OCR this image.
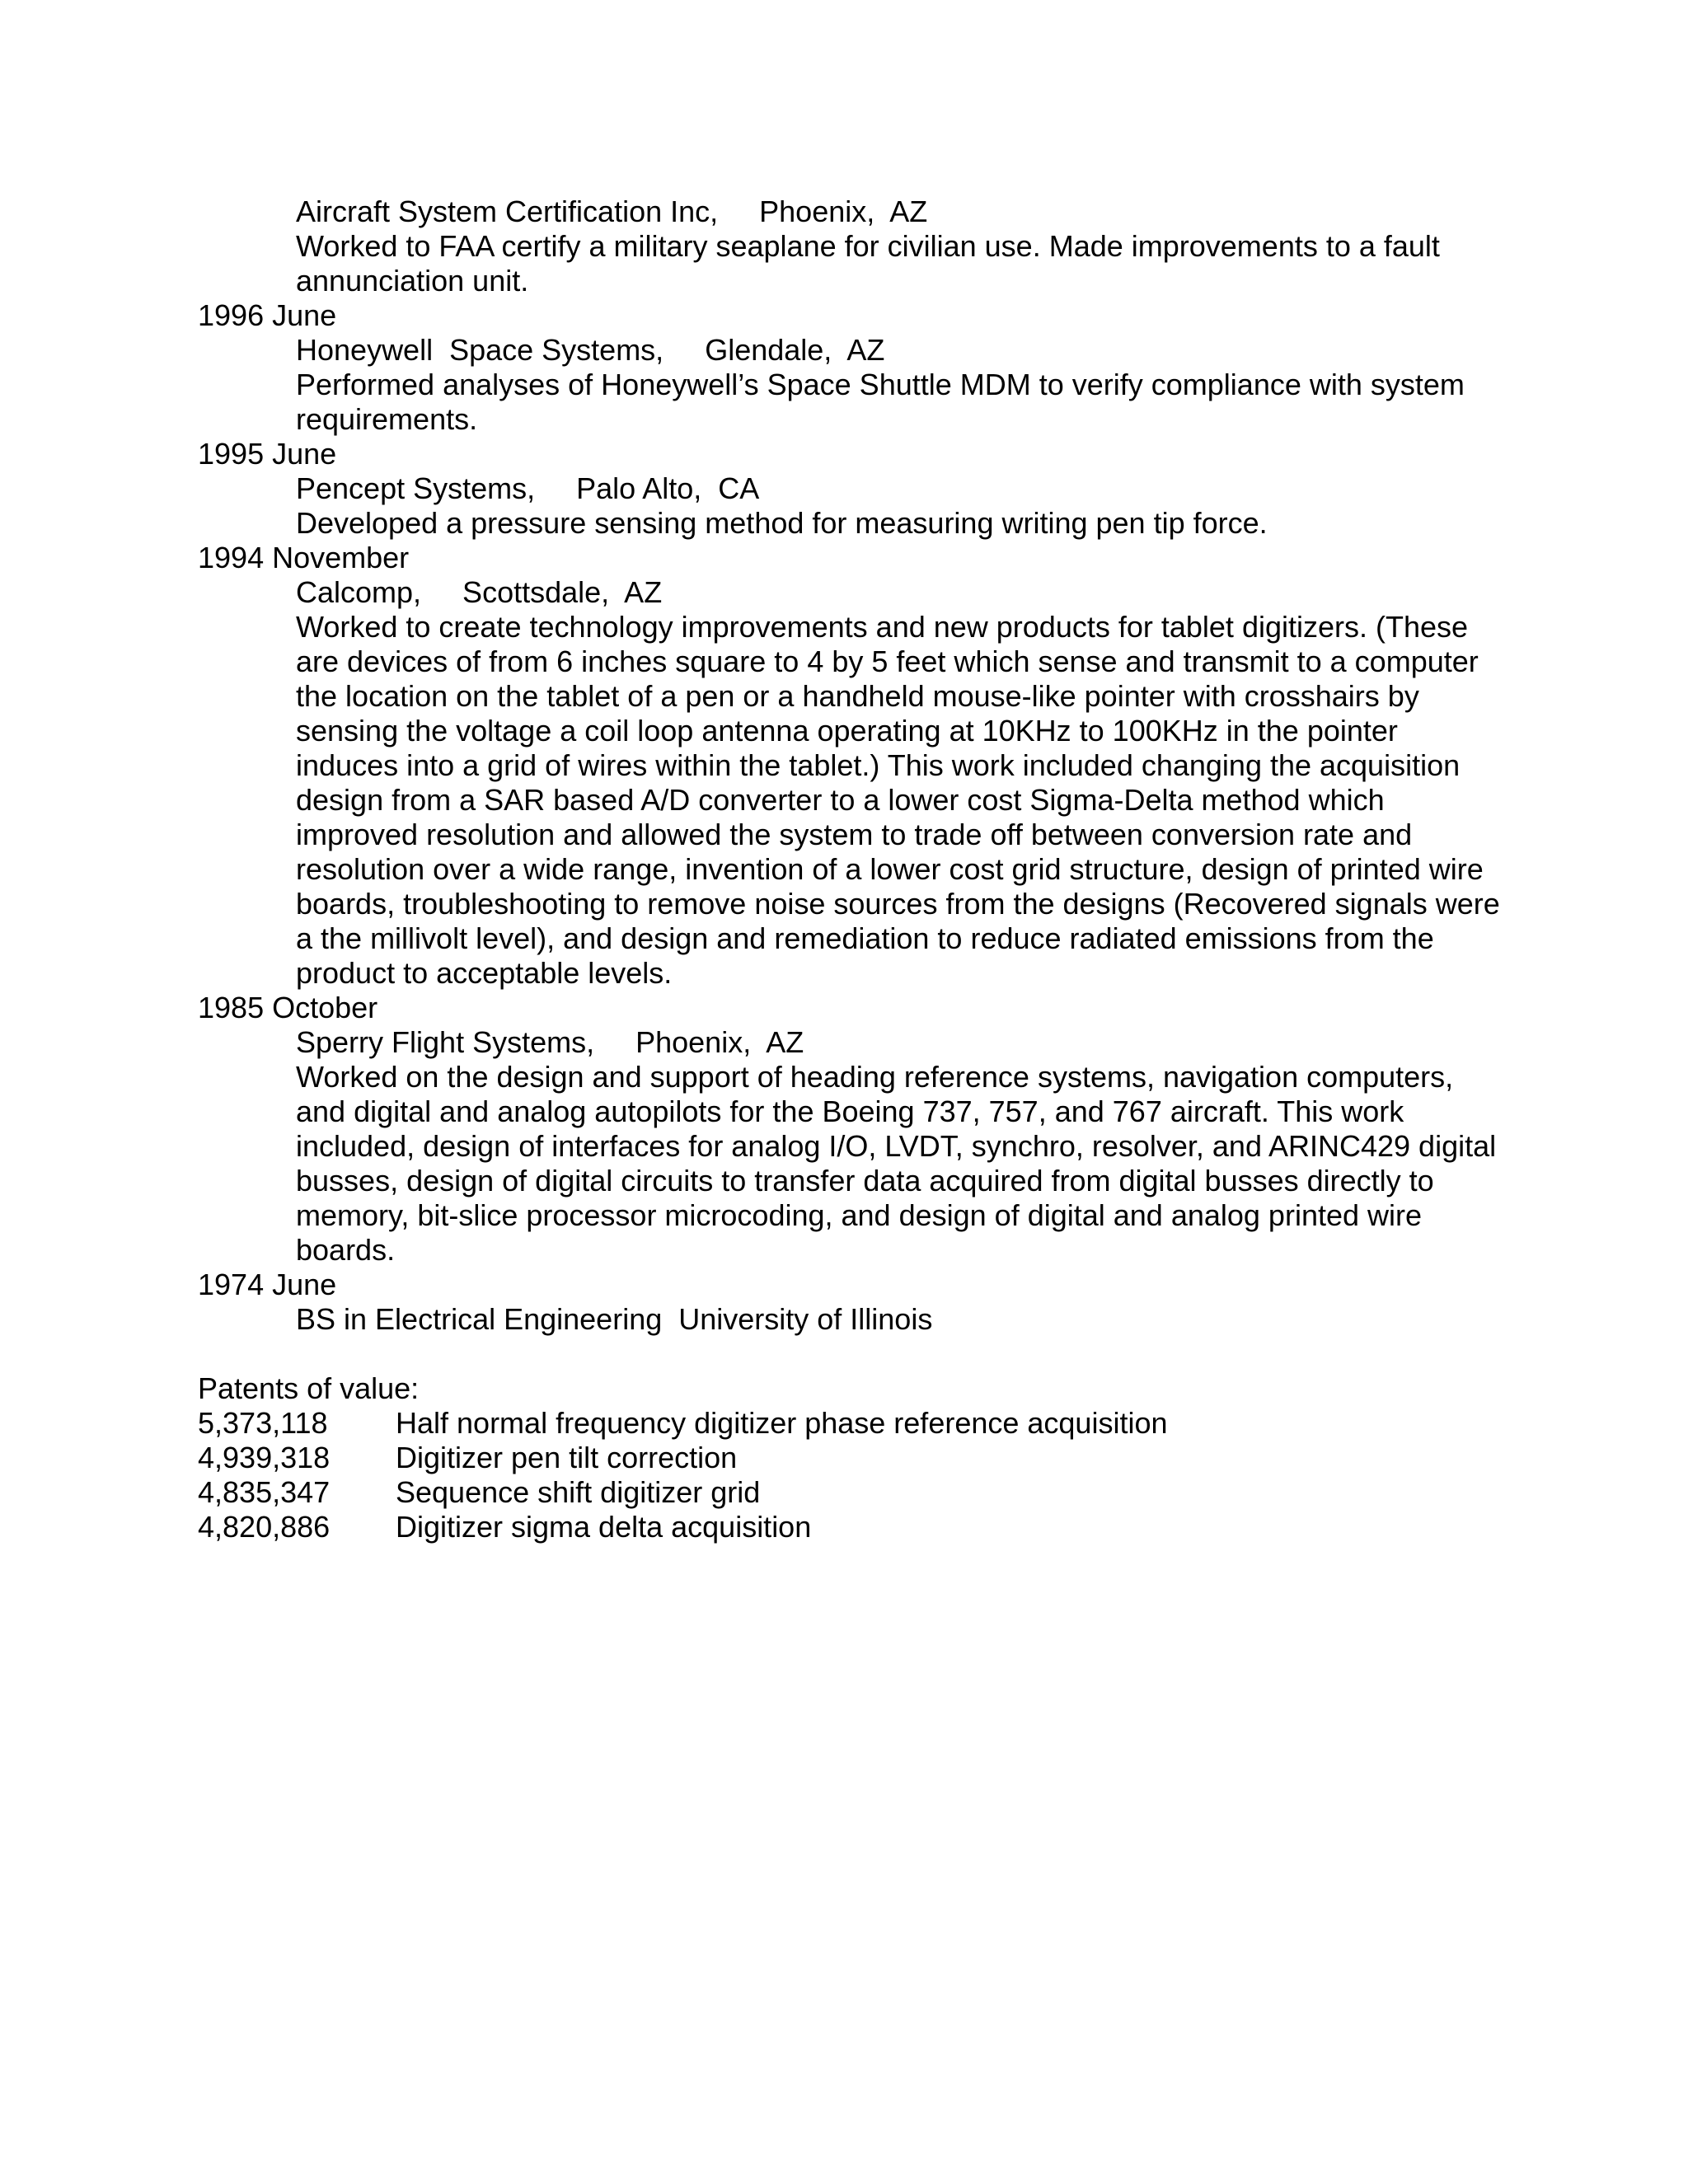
Aircraft System Certification Inc,     Phoenix,  AZ
Worked to FAA certify a military seaplane for civilian use. Made improvements to a fault annunciation unit.
1996 June
Honeywell  Space Systems,     Glendale,  AZ
Performed analyses of Honeywell’s Space Shuttle MDM to verify compliance with system requirements.
1995 June
Pencept Systems,     Palo Alto,  CA
Developed a pressure sensing method for measuring writing pen tip force.
1994 November
Calcomp,     Scottsdale,  AZ
Worked to create technology improvements and new products for tablet digitizers. (These are devices of from 6 inches square to 4 by 5 feet which sense and transmit to a computer the location on the tablet of a pen or a handheld mouse-like pointer with crosshairs by sensing the voltage a coil loop antenna operating at 10KHz to 100KHz in the pointer induces into a grid of wires within the tablet.) This work included changing the acquisition design from a SAR based A/D converter to a lower cost Sigma-Delta method which improved resolution and allowed the system to trade off between conversion rate and resolution over a wide range, invention of a lower cost grid structure, design of printed wire boards, troubleshooting to remove noise sources from the designs (Recovered signals were a the millivolt level), and design and remediation to reduce radiated emissions from the product to acceptable levels.
1985 October
Sperry Flight Systems,     Phoenix,  AZ
Worked on the design and support of heading reference systems, navigation computers, and digital and analog autopilots for the Boeing 737, 757, and 767 aircraft. This work included, design of interfaces for analog I/O, LVDT, synchro, resolver, and ARINC429 digital busses, design of digital circuits to transfer data acquired from digital busses directly to memory, bit-slice processor microcoding, and design of digital and analog printed wire boards.
1974 June
BS in Electrical Engineering  University of Illinois
Patents of value:
5,373,118	Half normal frequency digitizer phase reference acquisition
4,939,318	Digitizer pen tilt correction
4,835,347	Sequence shift digitizer grid
4,820,886	Digitizer sigma delta acquisition
